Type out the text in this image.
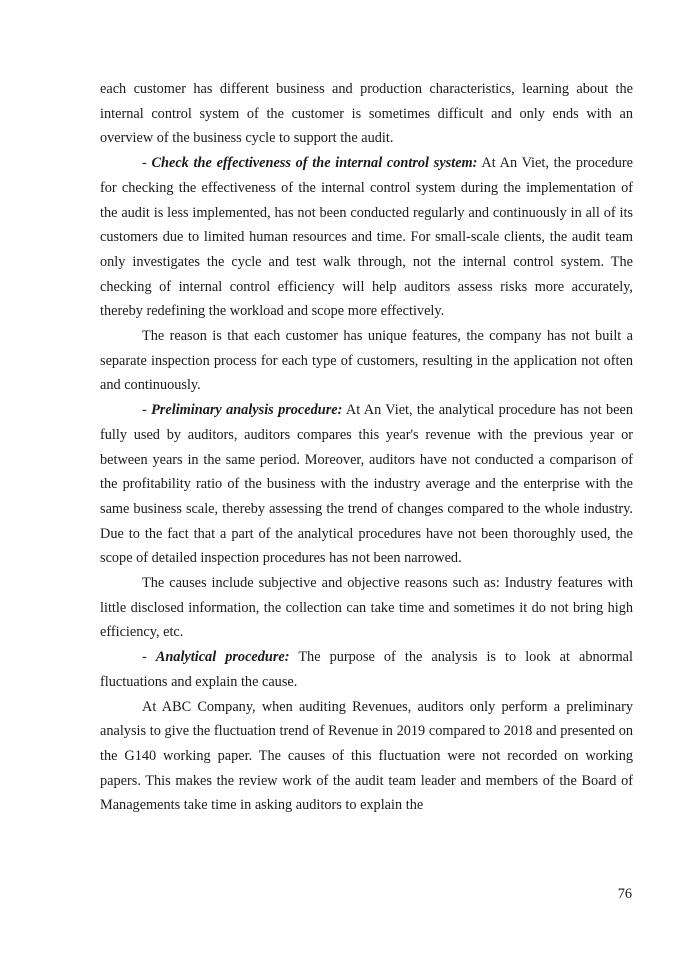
each customer has different business and production characteristics, learning about the internal control system of the customer is sometimes difficult and only ends with an overview of the business cycle to support the audit.

- Check the effectiveness of the internal control system: At An Viet, the procedure for checking the effectiveness of the internal control system during the implementation of the audit is less implemented, has not been conducted regularly and continuously in all of its customers due to limited human resources and time. For small-scale clients, the audit team only investigates the cycle and test walk through, not the internal control system. The checking of internal control efficiency will help auditors assess risks more accurately, thereby redefining the workload and scope more effectively.

The reason is that each customer has unique features, the company has not built a separate inspection process for each type of customers, resulting in the application not often and continuously.

- Preliminary analysis procedure: At An Viet, the analytical procedure has not been fully used by auditors, auditors compares this year's revenue with the previous year or between years in the same period. Moreover, auditors have not conducted a comparison of the profitability ratio of the business with the industry average and the enterprise with the same business scale, thereby assessing the trend of changes compared to the whole industry. Due to the fact that a part of the analytical procedures have not been thoroughly used, the scope of detailed inspection procedures has not been narrowed.

The causes include subjective and objective reasons such as: Industry features with little disclosed information, the collection can take time and sometimes it do not bring high efficiency, etc.

- Analytical procedure: The purpose of the analysis is to look at abnormal fluctuations and explain the cause.

At ABC Company, when auditing Revenues, auditors only perform a preliminary analysis to give the fluctuation trend of Revenue in 2019 compared to 2018 and presented on the G140 working paper. The causes of this fluctuation were not recorded on working papers. This makes the review work of the audit team leader and members of the Board of Managements take time in asking auditors to explain the

76
